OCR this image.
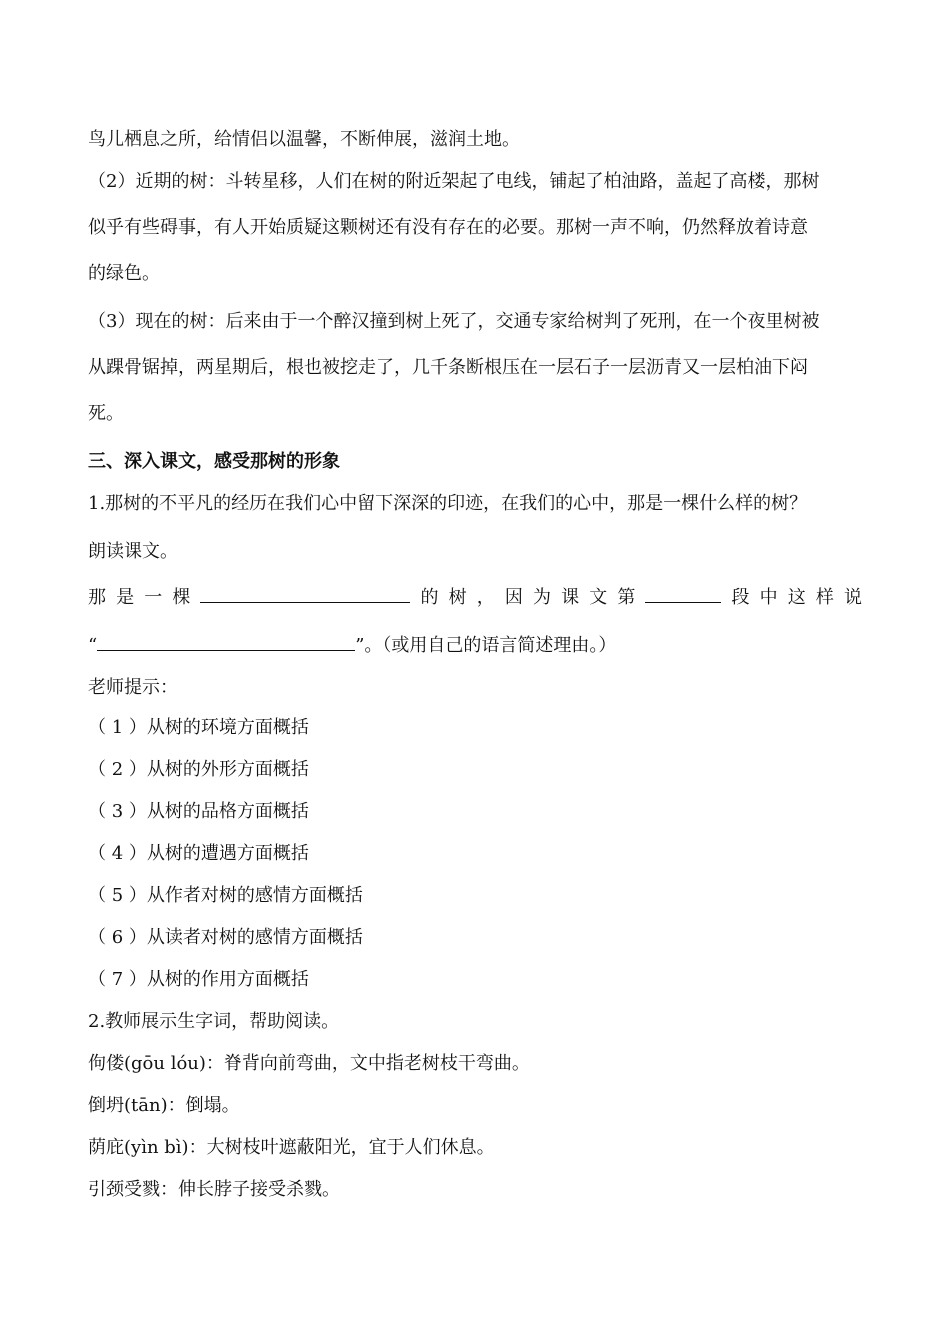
鸟儿栖息之所，给情侣以温馨，不断伸展，滋润土地。
（2）近期的树：斗转星移，人们在树的附近架起了电线，铺起了柏油路，盖起了高楼，那树
似乎有些碍事，有人开始质疑这颗树还有没有存在的必要。那树一声不响，仍然释放着诗意
的绿色。
（3）现在的树：后来由于一个醉汉撞到树上死了，交通专家给树判了死刑，在一个夜里树被
从踝骨锯掉，两星期后，根也被挖走了，几千条断根压在一层石子一层沥青又一层柏油下闷
死。
三、深入课文，感受那树的形象
1.那树的不平凡的经历在我们心中留下深深的印迹，在我们的心中，那是一棵什么样的树？
朗读课文。
那 是 一 棵	的 树 ， 因 为 课 文 第	段 中 这 样 说
“	”。（或用自己的语言简述理由。）
老师提示：
（ 1 ）从树的环境方面概括
（ 2 ）从树的外形方面概括
（ 3 ）从树的品格方面概括
（ 4 ）从树的遭遇方面概括
（ 5 ）从作者对树的感情方面概括
（ 6 ）从读者对树的感情方面概括
（ 7 ）从树的作用方面概括
2.教师展示生字词，帮助阅读。
佝偻(gōu lóu)：脊背向前弯曲，文中指老树枝干弯曲。
倒坍(tān)：倒塌。
荫庇(yìn bì)：大树枝叶遮蔽阳光，宜于人们休息。
引颈受戮：伸长脖子接受杀戮。
